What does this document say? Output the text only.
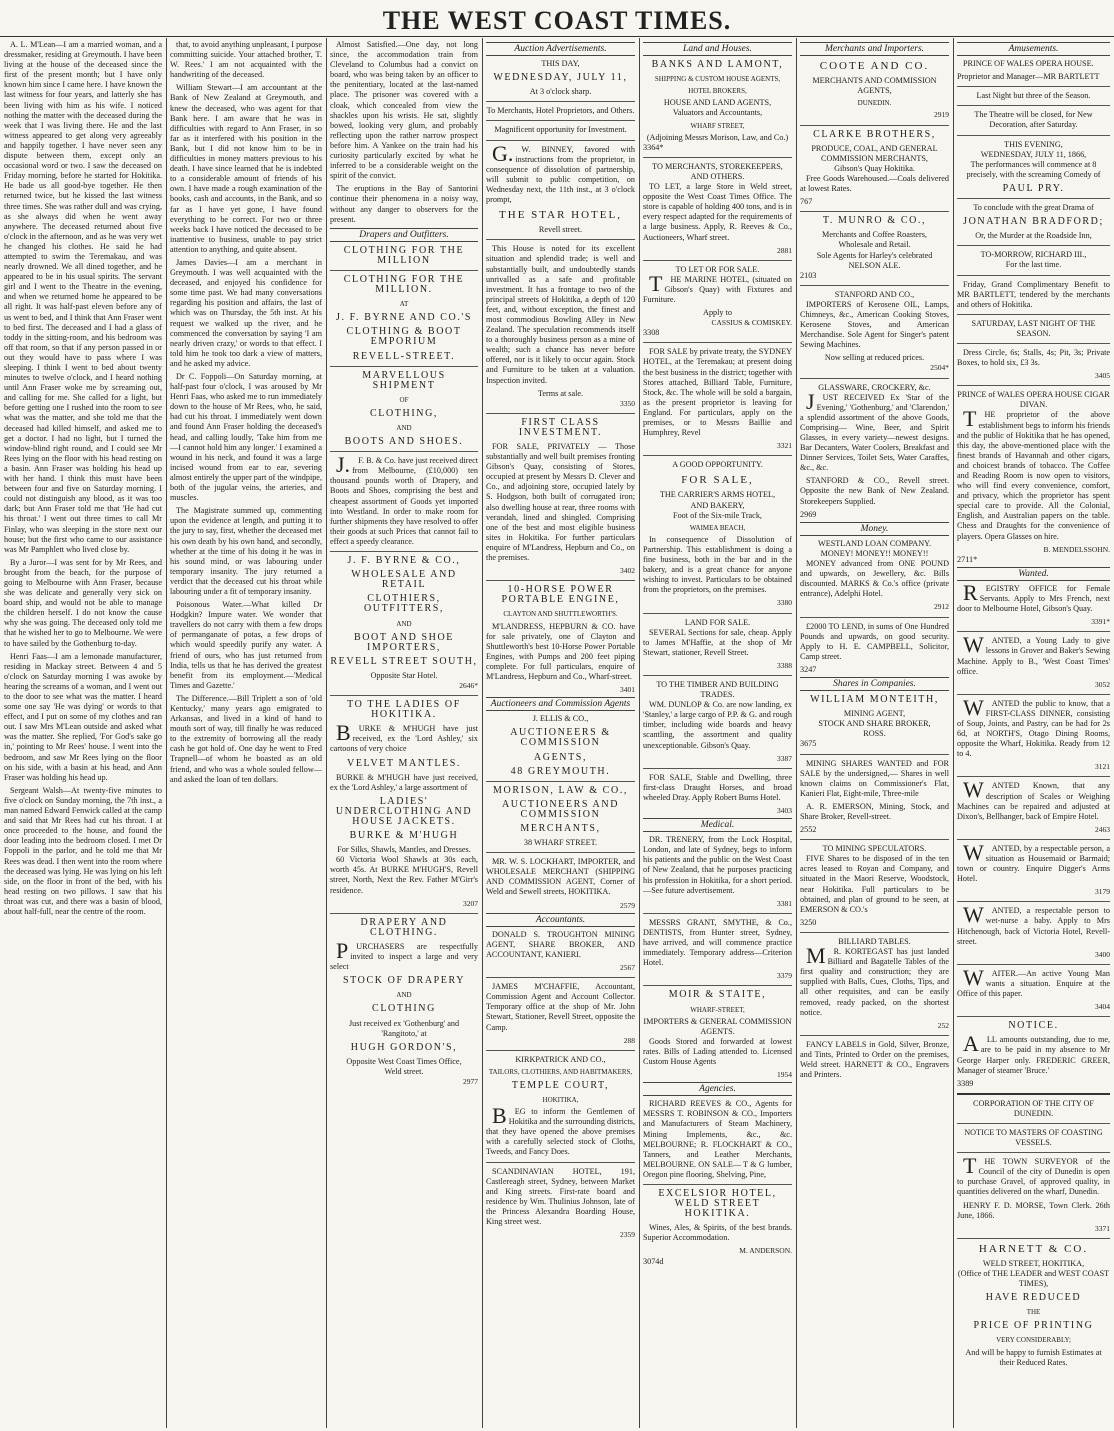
THE WEST COAST TIMES.

A. L. M'Lean—I am a married woman, and a dressmaker, residing at Greymouth. I have been living at the house of the deceased since the first of the present month; but I have only known him since I came here. I have known the last witness for four years, and latterly she has been living with him as his wife. I noticed nothing the matter with the deceased during the week that I was living there. He and the last witness appeared to get along very agreeably and happily together. I have never seen any dispute between them, except only an occasional word or two. I saw the deceased on Friday morning, before he started for Hokitika. He bade us all good-bye together. He then returned twice, but he kissed the last witness three times. She was rather dull and was crying, as she always did when he went away anywhere. The deceased returned about five o'clock in the afternoon, and as he was very wet he changed his clothes. He said he had attempted to swim the Teremakau, and was nearly drowned. We all dined together, and he appeared to be in his usual spirits. The servant girl and I went to the Theatre in the evening, and when we returned home he appeared to be all right. It was half-past eleven before any of us went to bed, and I think that Ann Fraser went to bed first. The deceased and I had a glass of toddy in the sitting-room, and his bedroom was off that room, so that if any person passed in or out they would have to pass where I was sleeping. I think I went to bed about twenty minutes to twelve o'clock, and I heard nothing until Ann Fraser woke me by screaming out, and calling for me. She called for a light, but before getting one I rushed into the room to see what was the matter, and she told me that the deceased had killed himself, and asked me to get a doctor. I had no light, but I turned the window-blind right round, and I could see Mr Rees lying on the floor with his head resting on a basin. Ann Fraser was holding his head up with her hand. I think this must have been between four and five on Saturday morning. I could not distinguish any blood, as it was too dark; but Ann Fraser told me that 'He had cut his throat.' I went out three times to call Mr Finlay, who was sleeping in the store next our house; but the first who came to our assistance was Mr Pamphlett who lived close by.

By a Juror—I was sent for by Mr Rees, and brought from the beach, for the purpose of going to Melbourne with Ann Fraser, because she was delicate and generally very sick on board ship, and would not be able to manage the children herself. I do not know the cause why she was going. The deceased only told me that he wished her to go to Melbourne. We were to have sailed by the Gothenburg to-day.

Henri Faas—I am a lemonade manufacturer, residing in Mackay street. Between 4 and 5 o'clock on Saturday morning I was awoke by hearing the screams of a woman, and I went out to the door to see what was the matter. I heard some one say 'He was dying' or words to that effect, and I put on some of my clothes and ran out. I saw Mrs M'Lean outside and asked what was the matter. She replied, 'For God's sake go in,' pointing to Mr Rees' house. I went into the bedroom, and saw Mr Rees lying on the floor on his side, with a basin at his head, and Ann Fraser was holding his head up.

Sergeant Walsh—At twenty-five minutes to five o'clock on Sunday morning, the 7th inst., a man named Edward Fenwick called at the camp and said that Mr Rees had cut his throat. I at once proceeded to the house, and found the door leading into the bedroom closed. I met Dr Foppoli in the parlor, and he told me that Mr Rees was dead. I then went into the room where the deceased was lying. He was lying on his left side, on the floor in front of the bed, with his head resting on two pillows. I saw that his throat was cut, and there was a basin of blood, about half-full, near the centre of the room.

that, to avoid anything unpleasant, I purpose committing suicide. Your attached brother, T. W. Rees.' I am not acquainted with the handwriting of the deceased.

William Stewart—I am accountant at the Bank of New Zealand at Greymouth, and knew the deceased, who was agent for that Bank here. I am aware that he was in difficulties with regard to Ann Fraser, in so far as it interfered with his position in the Bank, but I did not know him to be in difficulties in money matters previous to his death. I have since learned that he is indebted to a considerable amount of friends of his own. I have made a rough examination of the books, cash and accounts, in the Bank, and so far as I have yet gone, I have found everything to be correct. For two or three weeks back I have noticed the deceased to be inattentive to business, unable to pay strict attention to anything, and quite absent.

James Davies—I am a merchant in Greymouth. I was well acquainted with the deceased, and enjoyed his confidence for some time past. We had many conversations regarding his position and affairs, the last of which was on Thursday, the 5th inst. At his request we walked up the river, and he commenced the conversation by saying 'I am nearly driven crazy,' or words to that effect. I told him he took too dark a view of matters, and he asked my advice.

Dr C. Foppoli—On Saturday morning, at half-past four o'clock, I was aroused by Mr Henri Faas, who asked me to run immediately down to the house of Mr Rees, who, he said, had cut his throat. I immediately went down and found Ann Fraser holding the deceased's head, and calling loudly, 'Take him from me—I cannot hold him any longer.' I examined a wound in his neck, and found it was a large incised wound from ear to ear, severing almost entirely the upper part of the windpipe, both of the jugular veins, the arteries, and muscles.

The Magistrate summed up, commenting upon the evidence at length, and putting it to the jury to say, first, whether the deceased met his own death by his own hand, and secondly, whether at the time of his doing it he was in his sound mind, or was labouring under temporary insanity. The jury returned a verdict that the deceased cut his throat while labouring under a fit of temporary insanity.

Poisonous Water.—What killed Dr Hodgkin? Impure water. We wonder that travellers do not carry with them a few drops of permanganate of potas, a few drops of which would speedily purify any water. A friend of ours, who has just returned from India, tells us that he has derived the greatest benefit from its employment.—'Medical Times and Gazette.'

The Difference.—Bill Triplett a son of 'old Kentucky,' many years ago emigrated to Arkansas, and lived in a kind of hand to mouth sort of way, till finally he was reduced to the extremity of borrowing all the ready cash he got hold of. One day he went to Fred Trapnell—of whom he boasted as an old friend, and who was a whole souled fellow—and asked the loan of ten dollars.

Almost Satisfied.—One day, not long since, the accommodation train from Cleveland to Columbus had a convict on board, who was being taken by an officer to the penitentiary, located at the last-named place. The prisoner was covered with a cloak, which concealed from view the shackles upon his wrists. He sat, slightly bowed, looking very glum, and probably reflecting upon the rather narrow prospect before him. A Yankee on the train had his curiosity particularly excited by what he inferred to be a considerable weight on the spirit of the convict.

The eruptions in the Bay of Santorini continue their phenomena in a noisy way, without any danger to observers for the present.

Drapers and Outfitters.
CLOTHING FOR THE MILLION
CLOTHING FOR THE MILLION.
AT
J. F. BYRNE AND CO.'S
CLOTHING & BOOT EMPORIUM
REVELL-STREET.
MARVELLOUS SHIPMENT
OF
CLOTHING,
AND
BOOTS AND SHOES.

J.F. B. & Co. have just received direct from Melbourne, (£10,000) ten thousand pounds worth of Drapery, and Boots and Shoes, comprising the best and cheapest assortment of Goods yet imported into Westland. In order to make room for further shipments they have resolved to offer their goods at such Prices that cannot fail to effect a speedy clearance.

J. F. BYRNE & CO.,
WHOLESALE AND RETAIL
CLOTHIERS, OUTFITTERS,
AND
BOOT AND SHOE IMPORTERS,
REVELL STREET SOUTH,
Opposite Star Hotel.
2646*
TO THE LADIES OF HOKITIKA.

BURKE & M'HUGH have just received, ex the 'Lord Ashley,' six cartoons of very choice

VELVET MANTLES.

BURKE & M'HUGH have just received, ex the 'Lord Ashley,' a large assortment of

LADIES' UNDERCLOTHING AND HOUSE JACKETS.
BURKE & M'HUGH
For Silks, Shawls, Mantles, and Dresses.

60 Victoria Wool Shawls at 30s each, worth 45s. At BURKE M'HUGH'S, Revell street, North, Next the Rev. Father M'Girr's residence.

3207
DRAPERY AND CLOTHING.

PURCHASERS are respectfully invited to inspect a large and very select

STOCK OF DRAPERY
AND
CLOTHING
Just received ex 'Gothenburg' and
'Rangitoto,' at
HUGH GORDON'S,
Opposite West Coast Times Office,
Weld street.
2977
Auction Advertisements.
THIS DAY,
WEDNESDAY, JULY 11,
At 3 o'clock sharp.
To Merchants, Hotel Proprietors, and Others.
Magnificent opportunity for Investment.

G.W. BINNEY, favored with instructions from the proprietor, in consequence of dissolution of partnership, will submit to public competition, on Wednesday next, the 11th inst., at 3 o'clock prompt,

THE STAR HOTEL,
Revell street.

This House is noted for its excellent situation and splendid trade; is well and substantially built, and undoubtedly stands unrivalled as a safe and profitable investment. It has a frontage to two of the principal streets of Hokitika, a depth of 120 feet, and, without exception, the finest and most commodious Bowling Alley in New Zealand. The speculation recommends itself to a thoroughly business person as a mine of wealth; such a chance has never before offered, nor is it likely to occur again. Stock and Furniture to be taken at a valuation. Inspection invited.

Terms at sale.
3350
FIRST CLASS INVESTMENT.

FOR SALE, PRIVATELY — Those substantially and well built premises fronting Gibson's Quay, consisting of Stores, occupied at present by Messrs D. Clever and Co., and adjoining store, occupied lately by S. Hodgson, both built of corrugated iron; also dwelling house at rear, three rooms with verandah, lined and shingled. Comprising one of the best and most eligible business sites in Hokitika. For further particulars enquire of M'Landress, Hepburn and Co., on the premises.

3402
10-HORSE POWER PORTABLE ENGINE,
CLAYTON AND SHUTTLEWORTH'S.

M'LANDRESS, HEPBURN & CO. have for sale privately, one of Clayton and Shuttleworth's best 10-Horse Power Portable Engines, with Pumps and 200 feet piping complete. For full particulars, enquire of M'Landress, Hepburn and Co., Wharf-street.

3401
Auctioneers and Commission Agents
J. ELLIS & CO.,
AUCTIONEERS & COMMISSION
AGENTS,
48 GREYMOUTH.
MORISON, LAW & CO.,
AUCTIONEERS AND COMMISSION
MERCHANTS,
38 WHARF STREET.

MR. W. S. LOCKHART, IMPORTER, and WHOLESALE MERCHANT (SHIPPING AND COMMISSION AGENT, Corner of Weld and Sewell streets, HOKITIKA.

2579
Accountants.

DONALD S. TROUGHTON MINING AGENT, SHARE BROKER, AND ACCOUNTANT, KANIERI.

2567

JAMES M'CHAFFIE, Accountant, Commission Agent and Account Collector. Temporary office at the shop of Mr. John Stewart, Stationer, Revell Street, opposite the Camp.

288
KIRKPATRICK AND CO.,
TAILORS, CLOTHIERS, AND HABITMAKERS,
TEMPLE COURT,
HOKITIKA,

BEG to inform the Gentlemen of Hokitika and the surrounding districts, that they have opened the above premises with a carefully selected stock of Cloths, Tweeds, and Fancy Does.

SCANDINAVIAN HOTEL, 191, Castlereagh street, Sydney, between Market and King streets. First-rate board and residence by Wm. Thulinius Johnson, late of the Princess Alexandra Boarding House, King street west.

2359
Land and Houses.
BANKS AND LAMONT,
SHIPPING & CUSTOM HOUSE AGENTS,
HOTEL BROKERS,
HOUSE AND LAND AGENTS,
Valuators and Accountants,
WHARF STREET,
(Adjoining Messrs Morison, Law, and Co.)
3364*
TO MERCHANTS, STOREKEEPERS, AND OTHERS.

TO LET, a large Store in Weld street, opposite the West Coast Times Office. The store is capable of holding 400 tons, and is in every respect adapted for the requirements of a large business. Apply, R. Reeves & Co., Auctioneers, Wharf street.

2881
TO LET OR FOR SALE.

THE MARINE HOTEL, (situated on Gibson's Quay) with Fixtures and Furniture.

Apply to
CASSIUS & COMISKEY.
3308

FOR SALE by private treaty, the SYDNEY HOTEL, at the Teremakau; at present doing the best business in the district; together with Stores attached, Billiard Table, Furniture, Stock, &c. The whole will be sold a bargain, as the present proprietor is leaving for England. For particulars, apply on the premises, or to Messrs Baillie and Humphrey, Revel

3321
A GOOD OPPORTUNITY.
FOR SALE,
THE CARRIER'S ARMS HOTEL,
AND BAKERY,
Foot of the Six-mile Track,
WAIMEA BEACH,

In consequence of Dissolution of Partnership. This establishment is doing a fine business, both in the bar and in the bakery, and is a great chance for anyone wishing to invest. Particulars to be obtained from the proprietors, on the premises.

3380
LAND FOR SALE.

SEVERAL Sections for sale, cheap. Apply to James M'Haffie, at the shop of Mr Stewart, stationer, Revell Street.

3388
TO THE TIMBER AND BUILDING TRADES.

WM. DUNLOP & Co. are now landing, ex 'Stanley,' a large cargo of P.P. & G. and rough timber, including wide boards and heavy scantling, the assortment and quality unexceptionable. Gibson's Quay.

3387

FOR SALE, Stable and Dwelling, three first-class Draught Horses, and broad wheeled Dray. Apply Robert Burns Hotel.

3403
Medical.

DR. TRENERY, from the Lock Hospital, London, and late of Sydney, begs to inform his patients and the public on the West Coast of New Zealand, that he purposes practicing his profession in Hokitika, for a short period.—See future advertisement.

3381

MESSRS GRANT, SMYTHE, & Co., DENTISTS, from Hunter street, Sydney, have arrived, and will commence practice immediately. Temporary address—Criterion Hotel.

3379
MOIR & STAITE,
WHARF-STREET,
IMPORTERS & GENERAL COMMISSION
AGENTS.

Goods Stored and forwarded at lowest rates. Bills of Lading attended to. Licensed Custom House Agents

1954
Agencies.

RICHARD REEVES & CO., Agents for MESSRS T. ROBINSON & CO., Importers and Manufacturers of Steam Machinery, Mining Implements, &c., &c. MELBOURNE; R. FLOCKHART & CO., Tanners, and Leather Merchants, MELBOURNE. ON SALE— T & G lumber, Oregon pine flooring, Shelving, Pine,

EXCELSIOR HOTEL, WELD STREET HOKITIKA.

Wines, Ales, & Spirits, of the best brands. Superior Accommodation.

M. ANDERSON.
3074d
Merchants and Importers.
COOTE AND CO.
MERCHANTS AND COMMISSION
AGENTS,
DUNEDIN.
2919
CLARKE BROTHERS,
PRODUCE, COAL, AND GENERAL
COMMISSION MERCHANTS,
Gibson's Quay Hokitika.

Free Goods Warehoused.—Coals delivered at lowest Rates.

767
T. MUNRO & CO.,
Merchants and Coffee Roasters,
Wholesale and Retail.
Sole Agents for Harley's celebrated
NELSON ALE.
2103
STANFORD AND CO.,

IMPORTERS of Kerosene OIL, Lamps, Chimneys, &c., American Cooking Stoves, Kerosene Stoves, and American Merchandise. Sole Agent for Singer's patent Sewing Machines.

Now selling at reduced prices.
2504*
GLASSWARE, CROCKERY, &c.

JUST RECEIVED Ex 'Star of the Evening,' 'Gothenburg,' and 'Clarendon,' a splendid assortment of the above Goods, Comprising— Wine, Beer, and Spirit Glasses, in every variety—newest designs. Bar Decanters, Water Coolers, Breakfast and Dinner Services, Toilet Sets, Water Caraffes, &c., &c.

STANFORD & CO., Revell street. Opposite the new Bank of New Zealand. Storekeepers Supplied.

2969
Money.
WESTLAND LOAN COMPANY.
MONEY! MONEY!! MONEY!!

MONEY advanced from ONE POUND and upwards, on Jewellery, &c. Bills discounted. MARKS & Co.'s office (private entrance), Adelphi Hotel.

2912

£2000 TO LEND, in sums of One Hundred Pounds and upwards, on good security. Apply to H. E. CAMPBELL, Solicitor, Camp street.

3247
Shares in Companies.
WILLIAM MONTEITH,
MINING AGENT,
STOCK AND SHARE BROKER,
ROSS.
3675

MINING SHARES WANTED and FOR SALE by the undersigned,— Shares in well known claims on Commissioner's Flat, Kanieri Flat, Eight-mile, Three-mile

A. R. EMERSON, Mining, Stock, and Share Broker, Revell-street.

2552
TO MINING SPECULATORS.

FIVE Shares to be disposed of in the ten acres leased to Royan and Company, and situated in the Maori Reserve, Woodstock, near Hokitika. Full particulars to be obtained, and plan of ground to be seen, at EMERSON & CO.'s

3250
BILLIARD TABLES.

MR. KORTEGAST has just landed Billiard and Bagatelle Tables of the first quality and construction; they are supplied with Balls, Cues, Cloths, Tips, and all other requisites, and can be easily removed, ready packed, on the shortest notice.

252

FANCY LABELS in Gold, Silver, Bronze, and Tints, Printed to Order on the premises, Weld street. HARNETT & CO., Engravers and Printers.

Amusements.

PRINCE OF WALES OPERA HOUSE.

Proprietor and Manager—MR BARTLETT
Last Night but three of the Season.
The Theatre will be closed, for New Decoration, after Saturday.
THIS EVENING,
WEDNESDAY, JULY 11, 1866,
The performances will commence at 8 precisely, with the screaming Comedy of
PAUL PRY.
To conclude with the great Drama of
JONATHAN BRADFORD;
Or, the Murder at the Roadside Inn,
TO-MORROW, RICHARD III.,
For the last time.

Friday, Grand Complimentary Benefit to MR BARTLETT, tendered by the merchants and others of Hokitika.

SATURDAY, LAST NIGHT OF THE SEASON.

Dress Circle, 6s; Stalls, 4s; Pit, 3s; Private Boxes, to hold six, £3 3s.

3405
PRINCE of WALES OPERA HOUSE CIGAR DIVAN.

THE proprietor of the above establishment begs to inform his friends and the public of Hokitika that he has opened, this day, the above-mentioned place with the finest brands of Havannah and other cigars, and choicest brands of tobacco. The Coffee and Reading Room is now open to visitors, who will find every convenience, comfort, and privacy, which the proprietor has spent special care to provide. All the Colonial, English, and Australian papers on the table. Chess and Draughts for the convenience of players. Opera Glasses on hire.

B. MENDELSSOHN.
2711*
Wanted.

REGISTRY OFFICE for Female Servants. Apply to Mrs French, next door to Melbourne Hotel, Gibson's Quay.

3391*

WANTED, a Young Lady to give lessons in Grover and Baker's Sewing Machine. Apply to B., 'West Coast Times' office.

3052

WANTED the public to know, that a FIRST-CLASS DINNER, consisting of Soup, Joints, and Pastry, can be had for 2s 6d, at NORTH'S, Otago Dining Rooms, opposite the Wharf, Hokitika. Ready from 12 to 4.

3121

WANTED Known, that any description of Scales or Weighing Machines can be repaired and adjusted at Dixon's, Bellhanger, back of Empire Hotel.

2463

WANTED, by a respectable person, a situation as Housemaid or Barmaid; town or country. Enquire Digger's Arms Hotel.

3179

WANTED, a respectable person to wet-nurse a baby. Apply to Mrs Hitchenough, back of Victoria Hotel, Revell-street.

3400

WAITER.—An active Young Man wants a situation. Enquire at the Office of this paper.

3404
NOTICE.

ALL amounts outstanding, due to me, are to be paid in my absence to Mr George Harper only. FREDERIC GREER, Manager of steamer 'Bruce.'

3389
CORPORATION OF THE CITY OF DUNEDIN.
NOTICE TO MASTERS OF COASTING VESSELS.

THE TOWN SURVEYOR of the Council of the city of Dunedin is open to purchase Gravel, of approved quality, in quantities delivered on the wharf, Dunedin.

HENRY F. D. MORSE, Town Clerk. 26th June, 1866.

3371
HARNETT & CO.
WELD STREET, HOKITIKA,
(Office of THE LEADER and WEST COAST TIMES),
HAVE REDUCED
THE
PRICE OF PRINTING
VERY CONSIDERABLY;
And will be happy to furnish Estimates at their Reduced Rates.
